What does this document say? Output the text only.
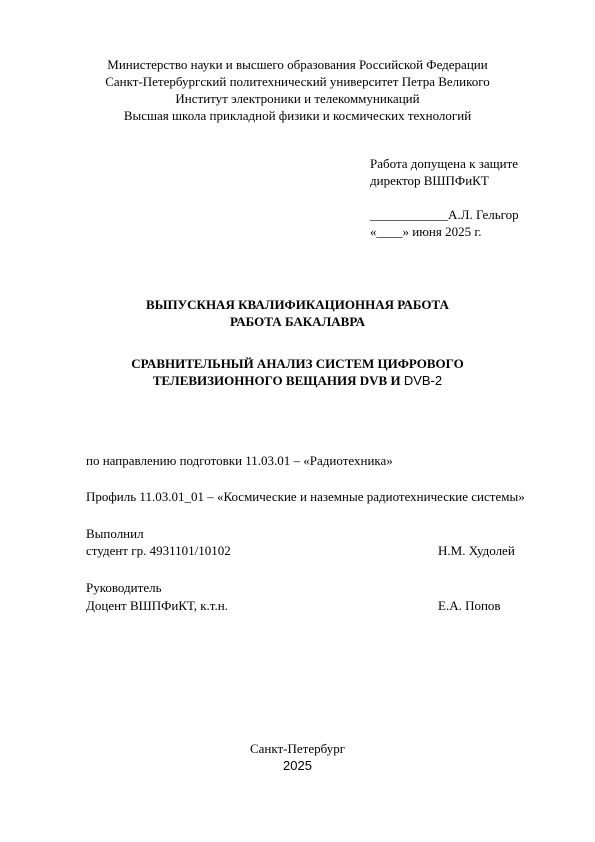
Министерство науки и высшего образования Российской Федерации
Санкт-Петербургский политехнический университет Петра Великого
Институт электроники и телекоммуникаций
Высшая школа прикладной физики и космических технологий
Работа допущена к защите
директор ВШПФиКТ
____________А.Л. Гельгор
«____» июня 2025 г.
ВЫПУСКНАЯ КВАЛИФИКАЦИОННАЯ РАБОТА
РАБОТА БАКАЛАВРА
СРАВНИТЕЛЬНЫЙ АНАЛИЗ СИСТЕМ ЦИФРОВОГО
ТЕЛЕВИЗИОННОГО ВЕЩАНИЯ DVB И DVB-2
по направлению подготовки 11.03.01 – «Радиотехника»
Профиль 11.03.01_01 – «Космические и наземные радиотехнические системы»
Выполнил
студент гр. 4931101/10102	Н.М. Худолей
Руководитель
Доцент ВШПФиКТ, к.т.н.	Е.А. Попов
Санкт-Петербург
2025
